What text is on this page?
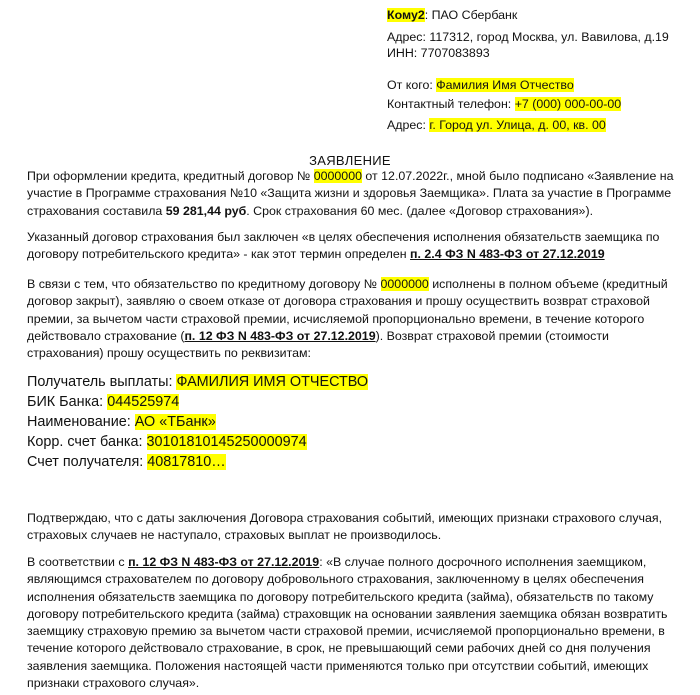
Кому2: ПАО Сбербанк
Адрес: 117312, город Москва, ул. Вавилова, д.19
ИНН: 7707083893
От кого: Фамилия Имя Отчество
Контактный телефон: +7 (000) 000-00-00
Адрес: г. Город ул. Улица, д. 00, кв. 00
ЗАЯВЛЕНИЕ
При оформлении кредита, кредитный договор № 0000000 от 12.07.2022г., мной было подписано «Заявление на участие в Программе страхования №10 «Защита жизни и здоровья Заемщика». Плата за участие в Программе страхования составила 59 281,44 руб. Срок страхования 60 мес. (далее «Договор страхования»).
Указанный договор страхования был заключен «в целях обеспечения исполнения обязательств заемщика по договору потребительского кредита» - как этот термин определен п. 2.4 ФЗ N 483-ФЗ от 27.12.2019
В связи с тем, что обязательство по кредитному договору № 0000000 исполнены в полном объеме (кредитный договор закрыт), заявляю о своем отказе от договора страхования и прошу осуществить возврат страховой премии, за вычетом части страховой премии, исчисляемой пропорционально времени, в течение которого действовало страхование (п. 12 ФЗ N 483-ФЗ от 27.12.2019). Возврат страховой премии (стоимости страхования) прошу осуществить по реквизитам:
Получатель выплаты: ФАМИЛИЯ ИМЯ ОТЧЕСТВО
БИК Банка: 044525974
Наименование: АО «ТБанк»
Корр. счет банка: 30101810145250000974
Счет получателя: 40817810…
Подтверждаю, что с даты заключения Договора страхования событий, имеющих признаки страхового случая, страховых случаев не наступало, страховых выплат не производилось.
В соответствии с п. 12 ФЗ N 483-ФЗ от 27.12.2019: «В случае полного досрочного исполнения заемщиком, являющимся страхователем по договору добровольного страхования, заключенному в целях обеспечения исполнения обязательств заемщика по договору потребительского кредита (займа), обязательств по такому договору потребительского кредита (займа) страховщик на основании заявления заемщика обязан возвратить заемщику страховую премию за вычетом части страховой премии, исчисляемой пропорционально времени, в течение которого действовало страхование, в срок, не превышающий семи рабочих дней со дня получения заявления заемщика. Положения настоящей части применяются только при отсутствии событий, имеющих признаки страхового случая».
